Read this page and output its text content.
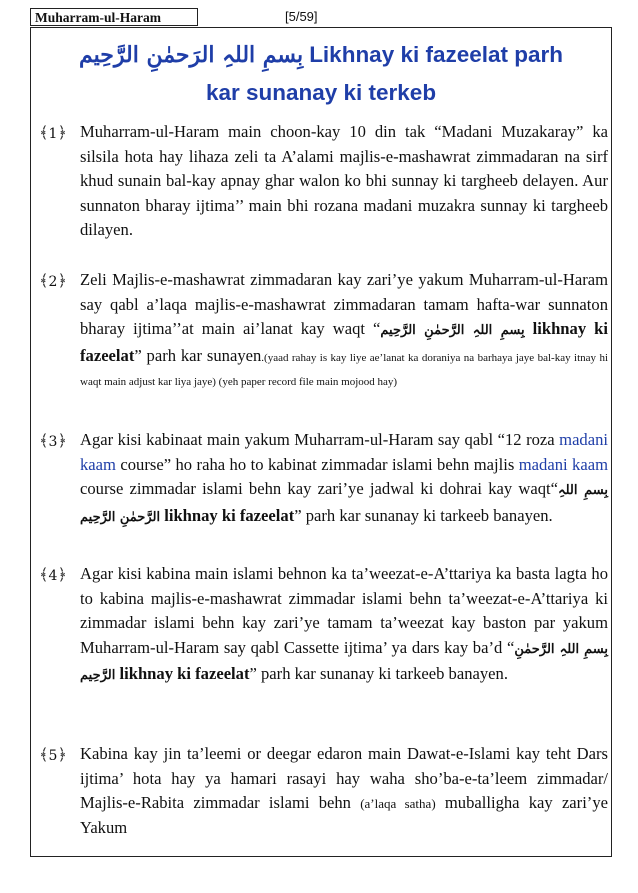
Muharram-ul-Haram	[5/59]
بِسمِ اللہِ الرَحمٰنِ الرَّحِیم Likhnay ki fazeelat parh
kar sunanay ki terkeb
﴾1﴿ Muharram-ul-Haram main choon-kay 10 din tak “Madani Muzakaray” ka silsila hota hay lihaza zeli ta A’alami majlis-e-mashawrat zimmadaran na sirf khud sunain bal-kay apnay ghar walon ko bhi sunnay ki targheeb delayen. Aur sunnaton bharay ijtima’’ main bhi rozana madani muzakra sunnay ki targheeb dilayen.
﴾2﴿ Zeli Majlis-e-mashawrat zimmadaran kay zari’ye yakum Muharram-ul-Haram say qabl a’laqa majlis-e-mashawrat zimmadaran tamam hafta-war sunnaton bharay ijtima’’at main ai’lanat kay waqt “بِسمِ اللہِ الرَّحمٰنِ الرَّحِیم likhnay ki fazeelat” parh kar sunayen.(yaad rahay is kay liye ae’lanat ka doraniya na barhaya jaye bal-kay itnay hi waqt main adjust kar liya jaye) (yeh paper record file main mojood hay)
﴾3﴿ Agar kisi kabinaat main yakum Muharram-ul-Haram say qabl “12 roza madani kaam course” ho raha ho to kabinat zimmadar islami behn majlis madani kaam course zimmadar islami behn kay zari’ye jadwal ki dohrai kay waqt“بِسمِ اللہِ الرَّحمٰنِ الرَّحِیم likhnay ki fazeelat” parh kar sunanay ki tarkeeb banayen.
﴾4﴿ Agar kisi kabina main islami behnon ka ta’weezat-e-A’ttariya ka basta lagta ho to kabina majlis-e-mashawrat zimmadar islami behn ta’weezat-e-A’ttariya ki zimmadar islami behn kay zari’ye tamam ta’weezat kay baston par yakum Muharram-ul-Haram say qabl Cassette ijtima’ ya dars kay ba’d “بِسمِ اللہِ الرَّحمٰنِ الرَّحِیم likhnay ki fazeelat” parh kar sunanay ki tarkeeb banayen.
﴾5﴿ Kabina kay jin ta’leemi or deegar edaron main Dawat-e-Islami kay teht Dars ijtima’ hota hay ya hamari rasayi hay waha sho’ba-e-ta’leem zimmadar/ Majlis-e-Rabita zimmadar islami behn (a’laqa satha) muballigha kay zari’ye Yakum
